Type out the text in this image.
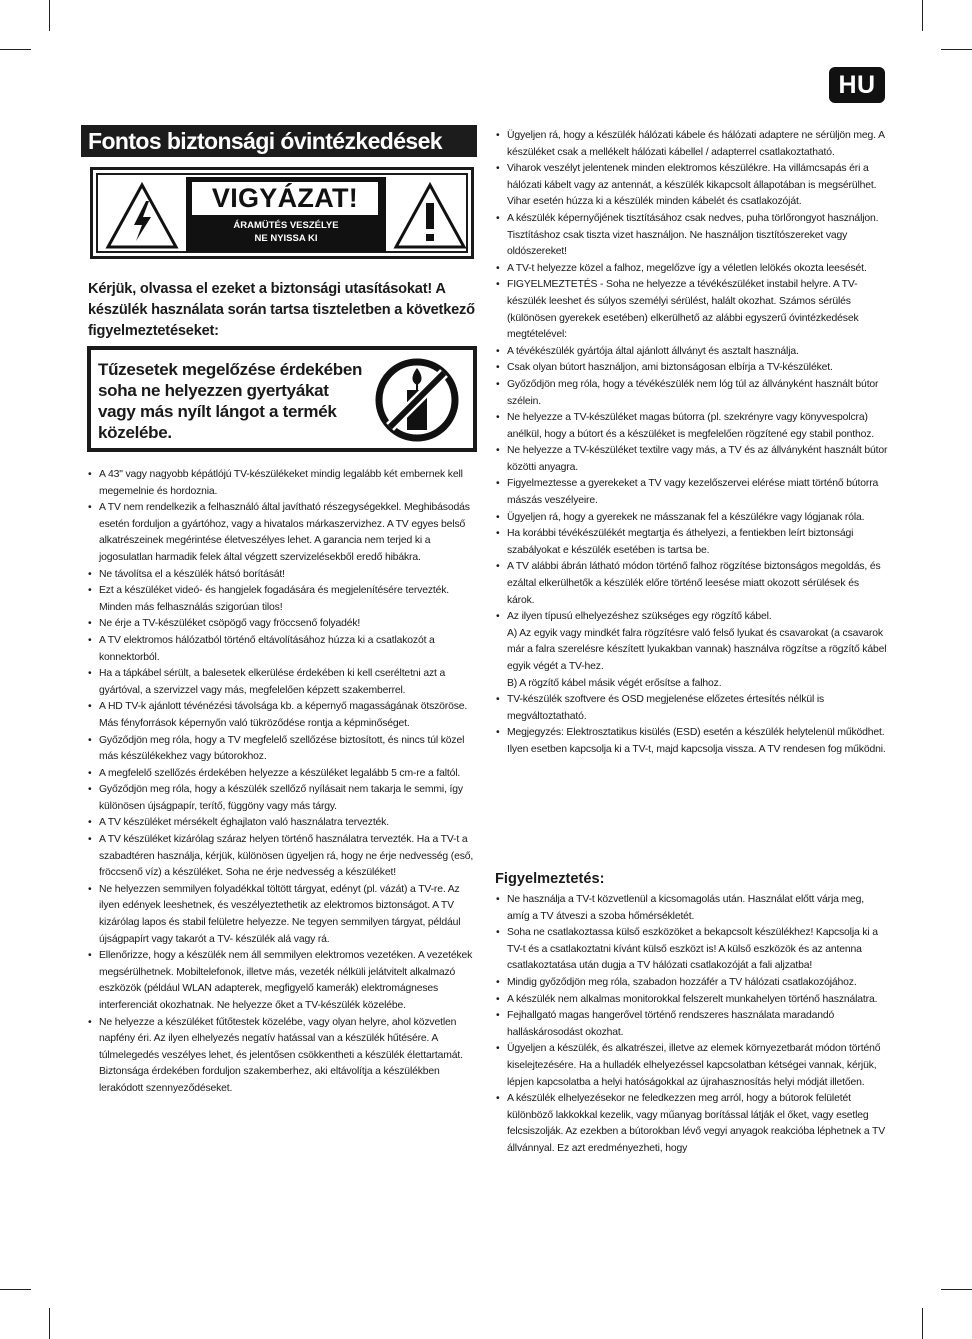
HU
Fontos biztonsági óvintézkedések
VIGYÁZAT!
ÁRAMÜTÉS VESZÉLYE
NE NYISSA KI
Kérjük, olvassa el ezeket a biztonsági utasításokat! A készülék használata során tartsa tiszteletben a következő figyelmeztetéseket:
Tűzesetek megelőzése érdekében soha ne helyezzen gyertyákat vagy más nyílt lángot a termék közelébe.
• A 43" vagy nagyobb képátlójú TV-készülékeket mindig legalább két embernek kell megemelnie és hordoznia.
• A TV nem rendelkezik a felhasználó által javítható részegységekkel. Meghibásodás esetén forduljon a gyártóhoz, vagy a hivatalos márkaszervizhez. A TV egyes belső alkatrészeinek megérintése életveszélyes lehet. A garancia nem terjed ki a jogosulatlan harmadik felek által végzett szervizelésekből eredő hibákra.
• Ne távolítsa el a készülék hátsó borítását!
• Ezt a készüléket videó- és hangjelek fogadására és megjelenítésére tervezték. Minden más felhasználás szigorúan tilos!
• Ne érje a TV-készüléket csöpögő vagy fröccsenő folyadék!
• A TV elektromos hálózatból történő eltávolításához húzza ki a csatlakozót a konnektorból.
• Ha a tápkábel sérült, a balesetek elkerülése érdekében ki kell cseréltetni azt a gyártóval, a szervizzel vagy más, megfelelően képzett szakemberrel.
• A HD TV-k ajánlott tévénézési távolsága kb. a képernyő magasságának ötszöröse. Más fényforrások képernyőn való tükröződése rontja a képminőséget.
• Győződjön meg róla, hogy a TV megfelelő szellőzése biztosított, és nincs túl közel más készülékekhez vagy bútorokhoz.
• A megfelelő szellőzés érdekében helyezze a készüléket legalább 5 cm-re a faltól.
• Győződjön meg róla, hogy a készülék szellőző nyílásait nem takarja le semmi, így különösen újságpapír, terítő, függöny vagy más tárgy.
• A TV készüléket mérsékelt éghajlaton való használatra tervezték.
• A TV készüléket kizárólag száraz helyen történő használatra tervezték. Ha a TV-t a szabadtéren használja, kérjük, különösen ügyeljen rá, hogy ne érje nedvesség (eső, fröccsenő víz) a készüléket. Soha ne érje nedvesség a készüléket!
• Ne helyezzen semmilyen folyadékkal töltött tárgyat, edényt (pl. vázát) a TV-re. Az ilyen edények leeshetnek, és veszélyeztethetik az elektromos biztonságot. A TV kizárólag lapos és stabil felületre helyezze. Ne tegyen semmilyen tárgyat, például újságpapírt vagy takarót a TV- készülék alá vagy rá.
• Ellenőrizze, hogy a készülék nem áll semmilyen elektromos vezetéken. A vezetékek megsérülhetnek. Mobiltelefonok, illetve más, vezeték nélküli jelátvitelt alkalmazó eszközök (például WLAN adapterek, megfigyelő kamerák) elektromágneses interferenciát okozhatnak. Ne helyezze őket a TV-készülék közelébe.
• Ne helyezze a készüléket fűtőtestek közelébe, vagy olyan helyre, ahol közvetlen napfény éri. Az ilyen elhelyezés negatív hatással van a készülék hűtésére. A túlmelegedés veszélyes lehet, és jelentősen csökkentheti a készülék élettartamát. Biztonsága érdekében forduljon szakemberhez, aki eltávolítja a készülékben lerakódott szennyeződéseket.
• Ügyeljen rá, hogy a készülék hálózati kábele és hálózati adaptere ne sérüljön meg. A készüléket csak a mellékelt hálózati kábellel / adapterrel csatlakoztatható.
• Viharok veszélyt jelentenek minden elektromos készülékre. Ha villámcsapás éri a hálózati kábelt vagy az antennát, a készülék kikapcsolt állapotában is megsérülhet. Vihar esetén húzza ki a készülék minden kábelét és csatlakozóját.
• A készülék képernyőjének tisztításához csak nedves, puha törlőrongyot használjon. Tisztításhoz csak tiszta vizet használjon. Ne használjon tisztítószereket vagy oldószereket!
• A TV-t helyezze közel a falhoz, megelőzve így a véletlen lelökés okozta leesését.
• FIGYELMEZTETÉS - Soha ne helyezze a tévékészüléket instabil helyre. A TV-készülék leeshet és súlyos személyi sérülést, halált okozhat. Számos sérülés (különösen gyerekek esetében) elkerülhető az alábbi egyszerű óvintézkedések megtételével:
• A tévékészülék gyártója által ajánlott állványt és asztalt használja.
• Csak olyan bútort használjon, ami biztonságosan elbírja a TV-készüléket.
• Győződjön meg róla, hogy a tévékészülék nem lóg túl az állványként használt bútor szélein.
• Ne helyezze a TV-készüléket magas bútorra (pl. szekrényre vagy könyvespolcra) anélkül, hogy a bútort és a készüléket is megfelelően rögzítené egy stabil ponthoz.
• Ne helyezze a TV-készüléket textilre vagy más, a TV és az állványként használt bútor közötti anyagra.
• Figyelmeztesse a gyerekeket a TV vagy kezelőszervei elérése miatt történő bútorra mászás veszélyeire.
• Ügyeljen rá, hogy a gyerekek ne másszanak fel a készülékre vagy lógjanak róla.
• Ha korábbi tévékészülékét megtartja és áthelyezi, a fentiekben leírt biztonsági szabályokat e készülék esetében is tartsa be.
• A TV alábbi ábrán látható módon történő falhoz rögzítése biztonságos megoldás, és ezáltal elkerülhetők a készülék előre történő leesése miatt okozott sérülések és károk.
• Az ilyen típusú elhelyezéshez szükséges egy rögzítő kábel.
A) Az egyik vagy mindkét falra rögzítésre való felső lyukat és csavarokat (a csavarok már a falra szerelésre készített lyukakban vannak) használva rögzítse a rögzítő kábel egyik végét a TV-hez.
B) A rögzítő kábel másik végét erősítse a falhoz.
• TV-készülék szoftvere és OSD megjelenése előzetes értesítés nélkül is megváltoztatható.
• Megjegyzés: Elektrosztatikus kisülés (ESD) esetén a készülék helytelenül működhet. Ilyen esetben kapcsolja ki a TV-t, majd kapcsolja vissza. A TV rendesen fog működni.
Figyelmeztetés:
• Ne használja a TV-t közvetlenül a kicsomagolás után. Használat előtt várja meg, amíg a TV átveszi a szoba hőmérsékletét.
• Soha ne csatlakoztassa külső eszközöket a bekapcsolt készülékhez! Kapcsolja ki a TV-t és a csatlakoztatni kívánt külső eszközt is! A külső eszközök és az antenna csatlakoztatása után dugja a TV hálózati csatlakozóját a fali aljzatba!
• Mindig győződjön meg róla, szabadon hozzáfér a TV hálózati csatlakozójához.
• A készülék nem alkalmas monitorokkal felszerelt munkahelyen történő használatra.
• Fejhallgató magas hangerővel történő rendszeres használata maradandó halláskárosodást okozhat.
• Ügyeljen a készülék, és alkatrészei, illetve az elemek környezetbarát módon történő kiselejtezésére. Ha a hulladék elhelyezéssel kapcsolatban kétségei vannak, kérjük, lépjen kapcsolatba a helyi hatóságokkal az újrahasznosítás helyi módját illetően.
• A készülék elhelyezésekor ne feledkezzen meg arról, hogy a bútorok felületét különböző lakkokkal kezelik, vagy műanyag borítással látják el őket, vagy esetleg felcsiszolják. Az ezekben a bútorokban lévő vegyi anyagok reakcióba léphetnek a TV állvánnyal. Ez azt eredményezheti, hogy
